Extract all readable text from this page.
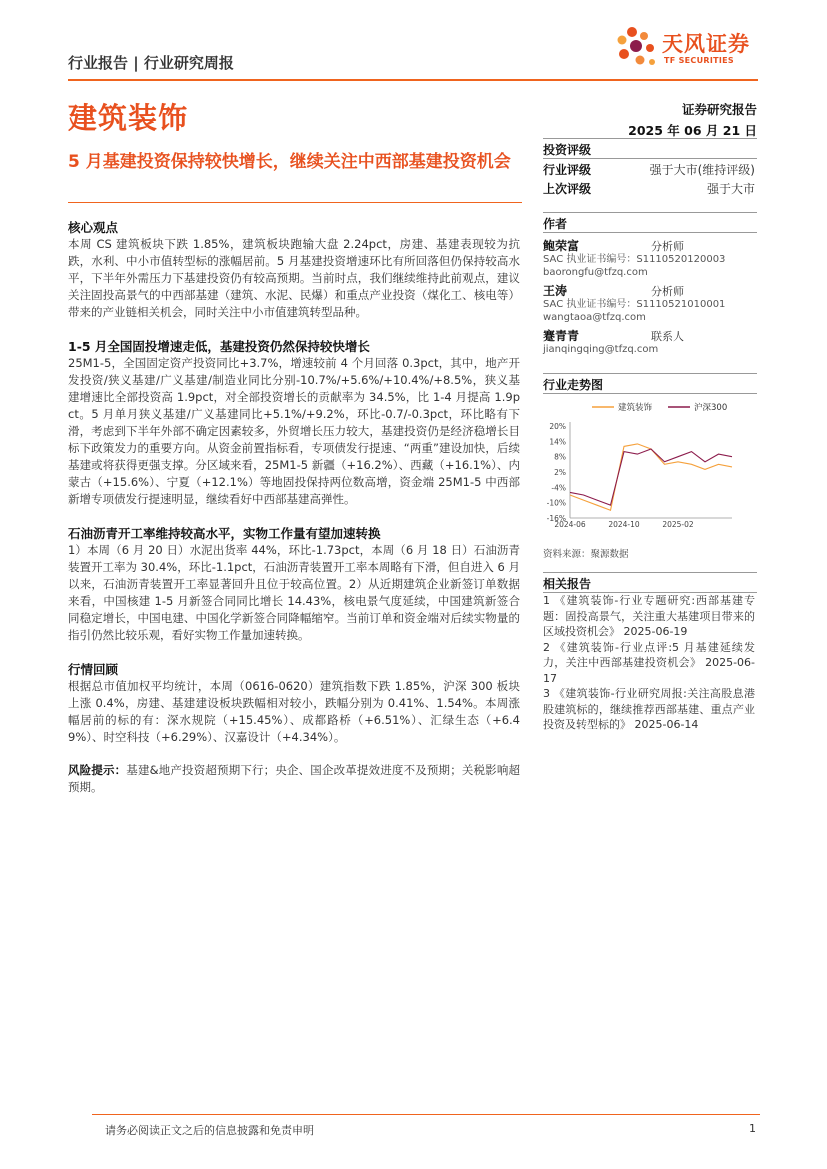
行业报告 | 行业研究周报
天风证券
TF SECURITIES
建筑装饰
5 月基建投资保持较快增长，继续关注中西部基建投资机会
证券研究报告
2025 年 06 月 21 日
投资评级
行业评级	强于大市(维持评级)
上次评级	强于大市
作者
鲍荣富	分析师
SAC 执业证书编号：S1110520120003
baorongfu@tfzq.com
王涛	分析师
SAC 执业证书编号：S1110521010001
wangtaoa@tfzq.com
蹇青青	联系人
jianqingqing@tfzq.com
行业走势图
20%
14%
8%
2%
-4%
-10%
-16%
2024-06	2024-10	2025-02
建筑装饰	沪深300
资料来源：聚源数据
相关报告
1 《建筑装饰-行业专题研究:西部基建专题：固投高景气，关注重大基建项目带来的区域投资机会》 2025-06-19
2 《建筑装饰-行业点评:5 月基建延续发力，关注中西部基建投资机会》 2025-06-17
3 《建筑装饰-行业研究周报:关注高股息港股建筑标的，继续推荐西部基建、重点产业投资及转型标的》 2025-06-14
核心观点
本周 CS 建筑板块下跌 1.85%，建筑板块跑输大盘 2.24pct，房建、基建表现较为抗跌，水利、中小市值转型标的涨幅居前。5 月基建投资增速环比有所回落但仍保持较高水平，下半年外需压力下基建投资仍有较高预期。当前时点，我们继续维持此前观点，建议关注固投高景气的中西部基建（建筑、水泥、民爆）和重点产业投资（煤化工、核电等）带来的产业链相关机会，同时关注中小市值建筑转型品种。
1-5 月全国固投增速走低，基建投资仍然保持较快增长
25M1-5，全国固定资产投资同比+3.7%，增速较前 4 个月回落 0.3pct，其中，地产开发投资/狭义基建/广义基建/制造业同比分别-10.7%/+5.6%/+10.4%/+8.5%，狭义基建增速比全部投资高 1.9pct，对全部投资增长的贡献率为 34.5%，比 1-4 月提高 1.9pct。5 月单月狭义基建/广义基建同比+5.1%/+9.2%，环比-0.7/-0.3pct，环比略有下滑，考虑到下半年外部不确定因素较多，外贸增长压力较大，基建投资仍是经济稳增长目标下政策发力的重要方向。从资金前置指标看，专项债发行提速、“两重”建设加快，后续基建或将获得更强支撑。分区域来看，25M1-5 新疆（+16.2%）、西藏（+16.1%）、内蒙古（+15.6%）、宁夏（+12.1%）等地固投保持两位数高增，资金端 25M1-5 中西部新增专项债发行提速明显，继续看好中西部基建高弹性。
石油沥青开工率维持较高水平，实物工作量有望加速转换
1）本周（6 月 20 日）水泥出货率 44%，环比-1.73pct，本周（6 月 18 日）石油沥青装置开工率为 30.4%，环比-1.1pct，石油沥青装置开工率本周略有下滑，但自进入 6 月以来，石油沥青装置开工率显著回升且位于较高位置。2）从近期建筑企业新签订单数据来看，中国核建 1-5 月新签合同同比增长 14.43%，核电景气度延续，中国建筑新签合同稳定增长，中国电建、中国化学新签合同降幅缩窄。当前订单和资金端对后续实物量的指引仍然比较乐观，看好实物工作量加速转换。
行情回顾
根据总市值加权平均统计，本周（0616-0620）建筑指数下跌 1.85%，沪深 300 板块上涨 0.4%，房建、基建建设板块跌幅相对较小，跌幅分别为 0.41%、1.54%。本周涨幅居前的标的有：深水规院（+15.45%）、成都路桥（+6.51%）、汇绿生态（+6.49%）、时空科技（+6.29%）、汉嘉设计（+4.34%）。
风险提示：基建&地产投资超预期下行；央企、国企改革提效进度不及预期；关税影响超预期。
请务必阅读正文之后的信息披露和免责申明	1
